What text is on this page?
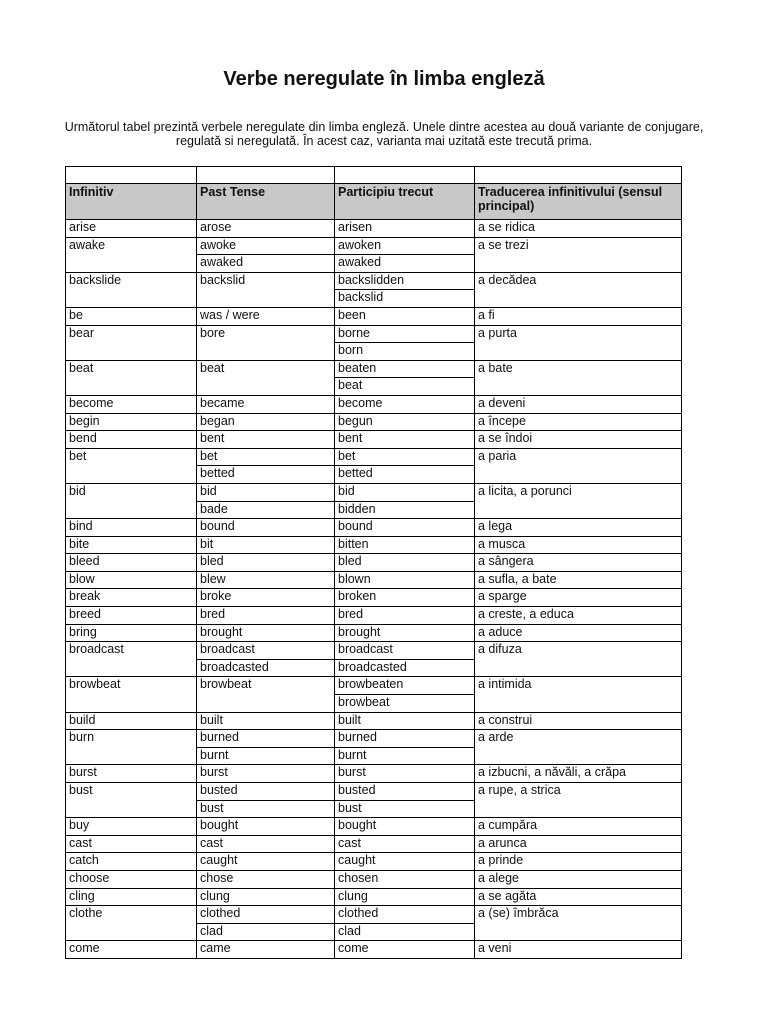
Verbe neregulate în limba engleză
Următorul tabel prezintă verbele neregulate din limba engleză. Unele dintre acestea au două variante de conjugare, regulată si neregulată. În acest caz, varianta mai uzitată este trecută prima.

Infinitiv	Past Tense	Participiu trecut	Traducerea infinitivului (sensul principal)
arise	arose	arisen	a se ridica
awake	awoke	awoken	a se trezi
	awaked	awaked	
backslide	backslid	backslidden	a decădea
		backslid	
be	was / were	been	a fi
bear	bore	borne	a purta
		born	
beat	beat	beaten	a bate
		beat	
become	became	become	a deveni
begin	began	begun	a începe
bend	bent	bent	a se îndoi
bet	bet	bet	a paria
	betted	betted	
bid	bid	bid	a licita, a porunci
	bade	bidden	
bind	bound	bound	a lega
bite	bit	bitten	a musca
bleed	bled	bled	a sângera
blow	blew	blown	a sufla, a bate
break	broke	broken	a sparge
breed	bred	bred	a creste, a educa
bring	brought	brought	a aduce
broadcast	broadcast	broadcast	a difuza
	broadcasted	broadcasted	
browbeat	browbeat	browbeaten	a intimida
		browbeat	
build	built	built	a construi
burn	burned	burned	a arde
	burnt	burnt	
burst	burst	burst	a izbucni, a năvăli, a crăpa
bust	busted	busted	a rupe, a strica
	bust	bust	
buy	bought	bought	a cumpăra
cast	cast	cast	a arunca
catch	caught	caught	a prinde
choose	chose	chosen	a alege
cling	clung	clung	a se agăta
clothe	clothed	clothed	a (se) îmbrăca
	clad	clad	
come	came	come	a veni
